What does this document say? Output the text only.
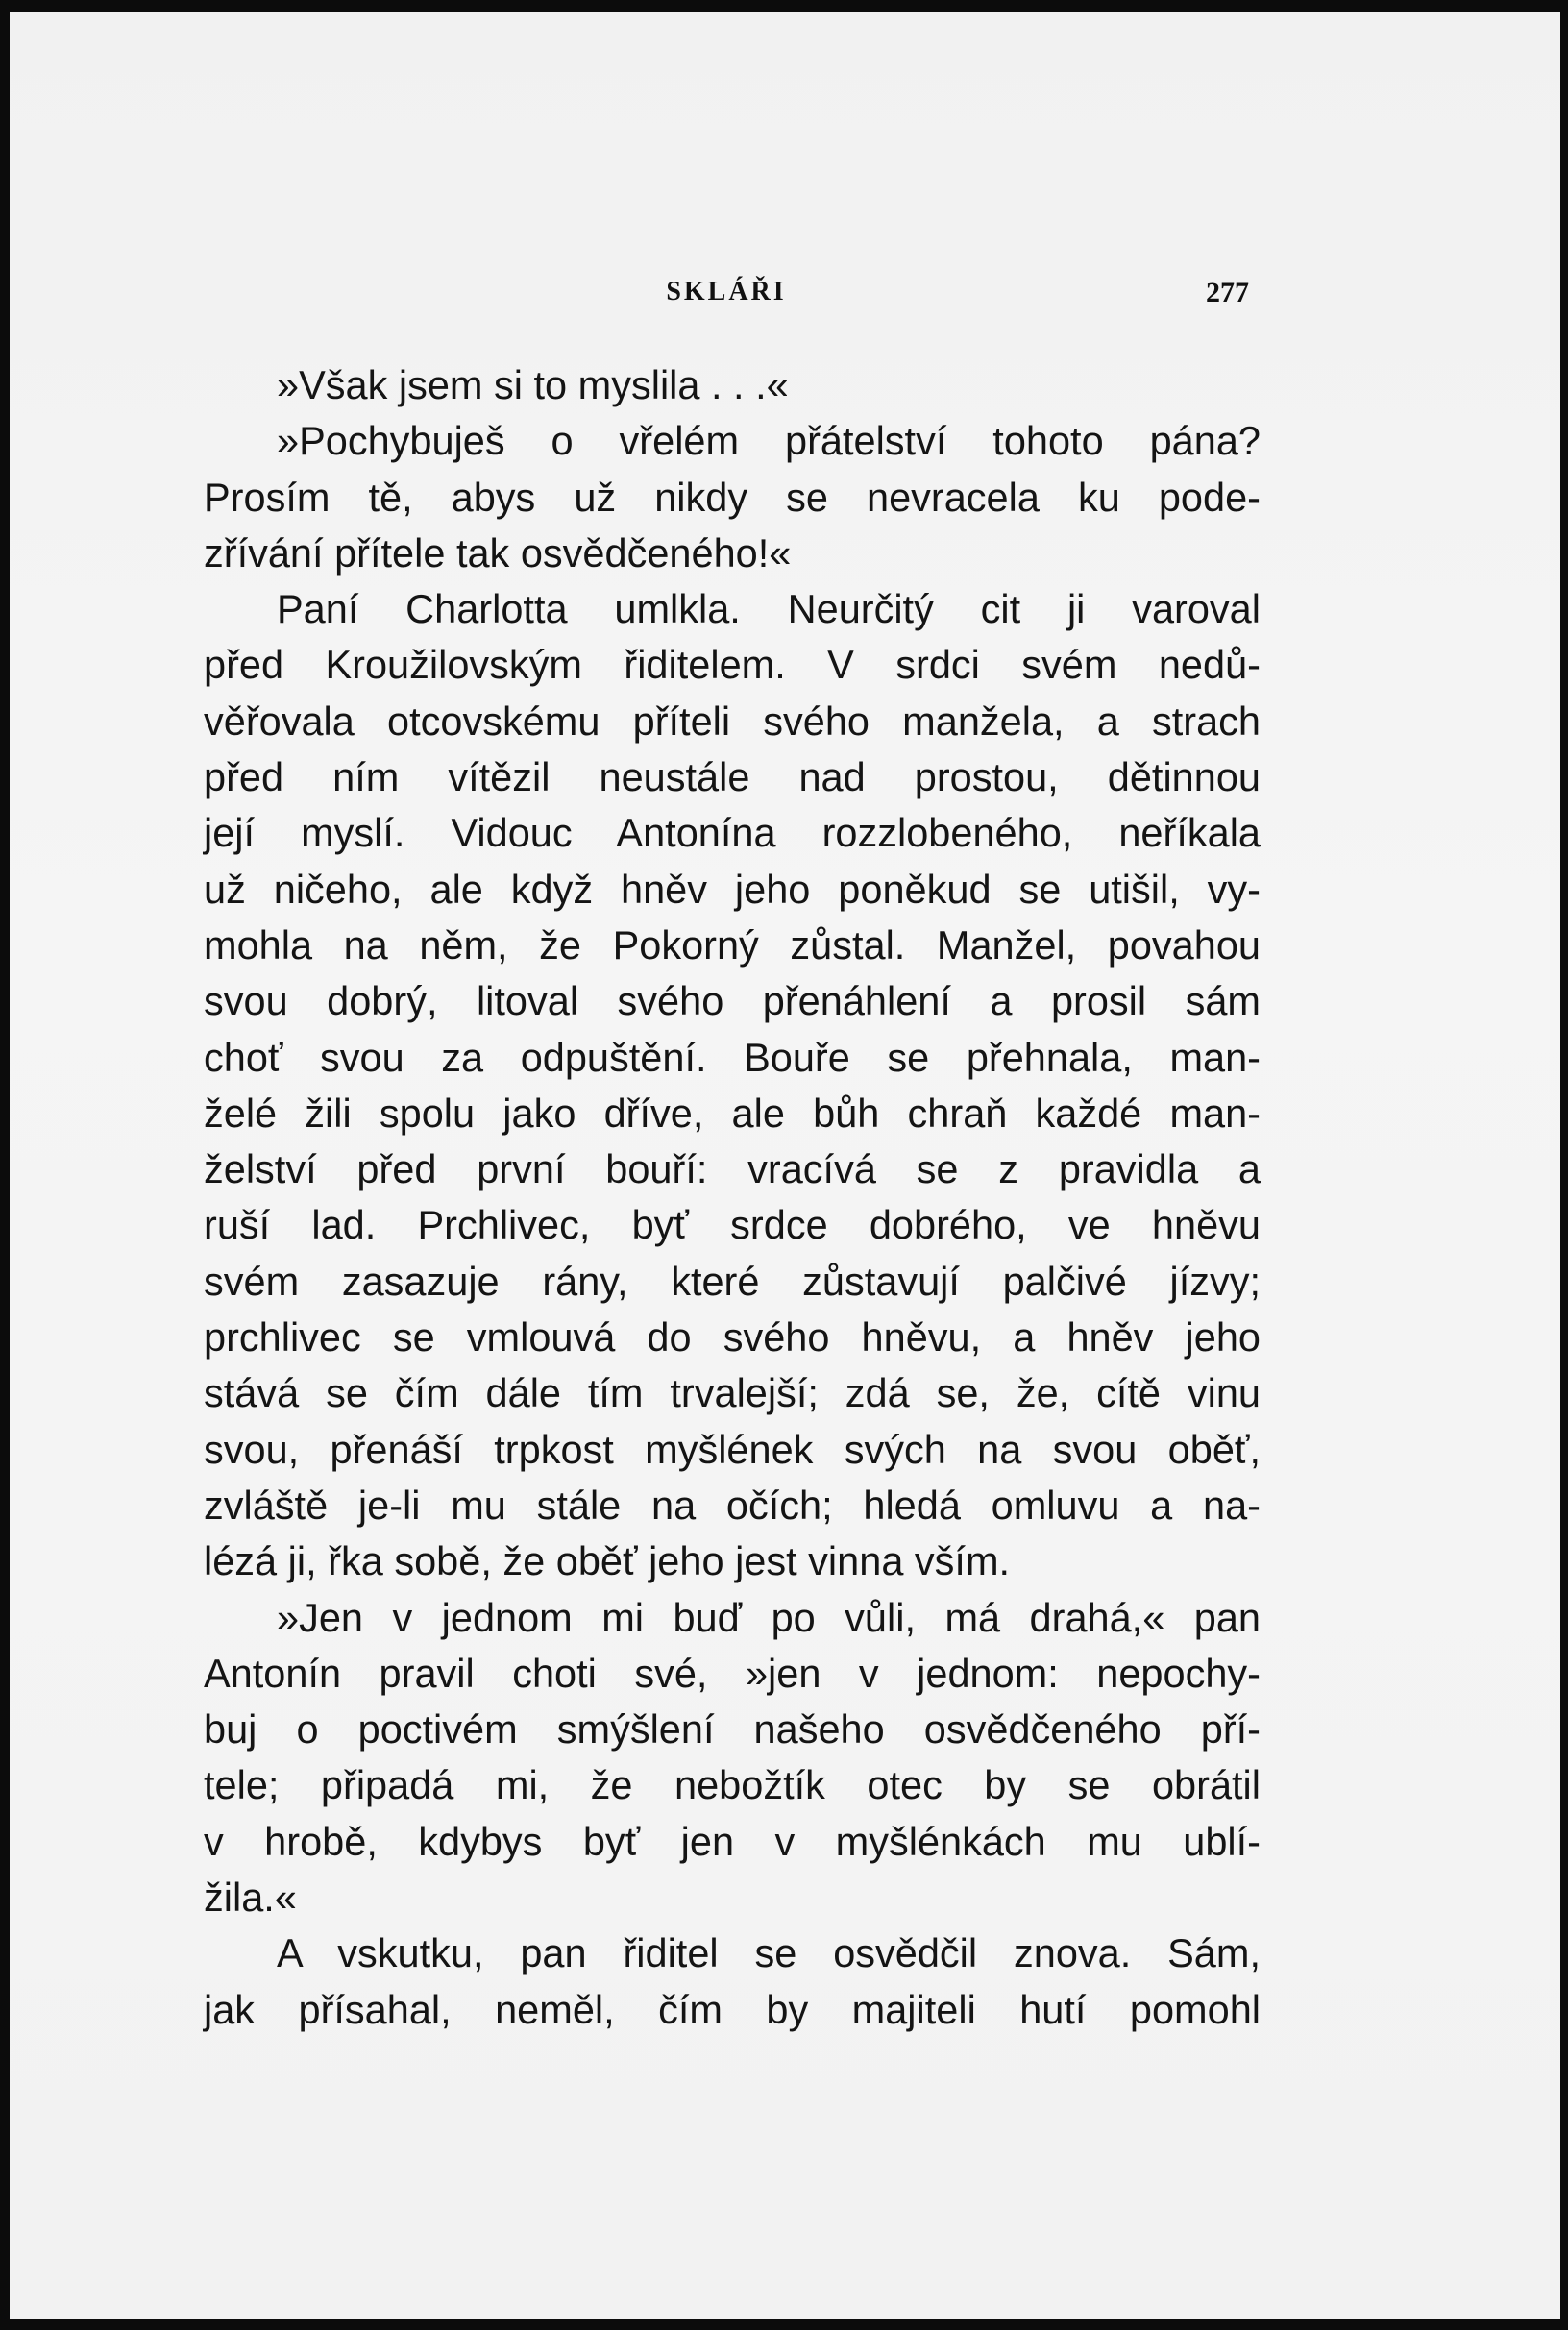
SKLÁŘI	277
»Však jsem si to myslila . . .«
»Pochybuješ o vřelém přátelství tohoto pána?
Prosím tě, abys už nikdy se nevracela ku pode-
zřívání přítele tak osvědčeného!«
Paní Charlotta umlkla. Neurčitý cit ji varoval
před Kroužilovským řiditelem. V srdci svém nedů-
věřovala otcovskému příteli svého manžela, a strach
před ním vítězil neustále nad prostou, dětinnou
její myslí. Vidouc Antonína rozzlobeného, neříkala
už ničeho, ale když hněv jeho poněkud se utišil, vy-
mohla na něm, že Pokorný zůstal. Manžel, povahou
svou dobrý, litoval svého přenáhlení a prosil sám
choť svou za odpuštění. Bouře se přehnala, man-
želé žili spolu jako dříve, ale bůh chraň každé man-
želství před první bouří: vracívá se z pravidla a
ruší lad. Prchlivec, byť srdce dobrého, ve hněvu
svém zasazuje rány, které zůstavují palčivé jízvy;
prchlivec se vmlouvá do svého hněvu, a hněv jeho
stává se čím dále tím trvalejší; zdá se, že, cítě vinu
svou, přenáší trpkost myšlének svých na svou oběť,
zvláště je-li mu stále na očích; hledá omluvu a na-
lézá ji, řka sobě, že oběť jeho jest vinna vším.
»Jen v jednom mi buď po vůli, má drahá,« pan
Antonín pravil choti své, »jen v jednom: nepochy-
buj o poctivém smýšlení našeho osvědčeného pří-
tele; připadá mi, že nebožtík otec by se obrátil
v hrobě, kdybys byť jen v myšlénkách mu ublí-
žila.«
A vskutku, pan řiditel se osvědčil znova. Sám,
jak přísahal, neměl, čím by majiteli hutí pomohl
